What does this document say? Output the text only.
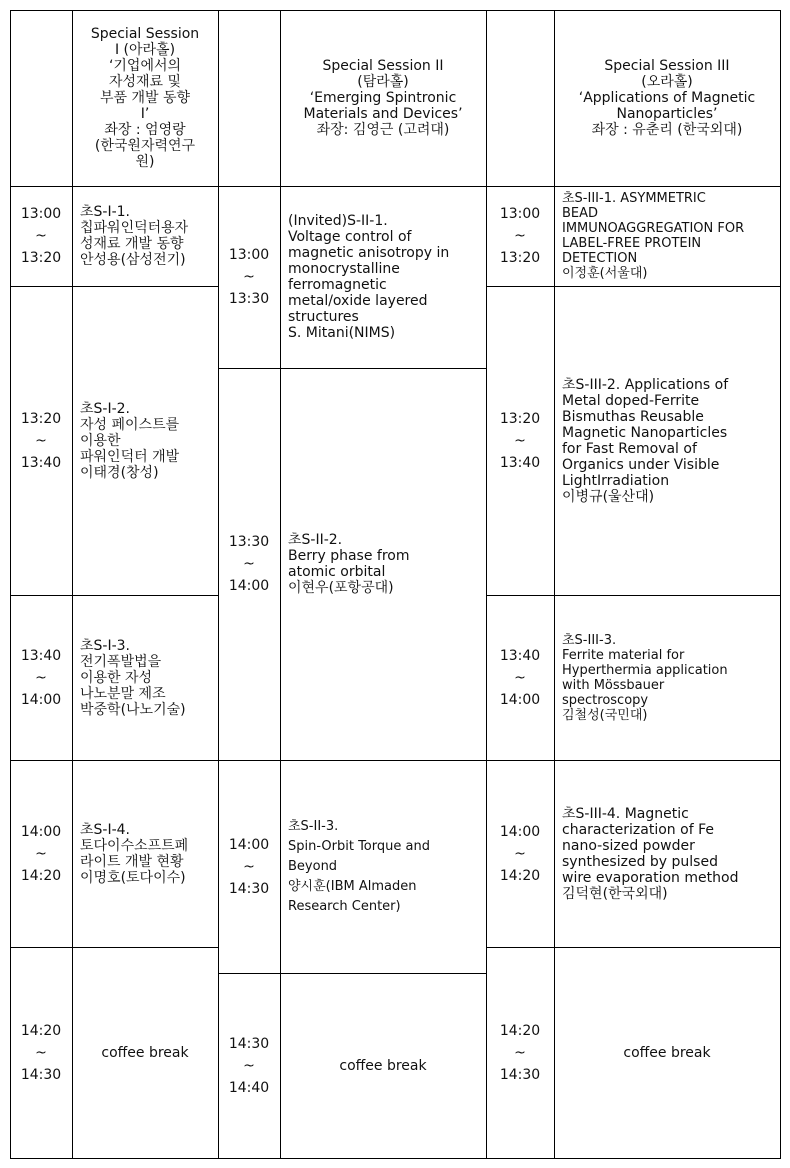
Special Session
I (아라홀)
‘기업에서의
자성재료 및
부품 개발 동향
I’
좌장 : 엄영랑
(한국원자력연구
원)
Special Session II
(탐라홀)
‘Emerging Spintronic
Materials and Devices’
좌장: 김영근 (고려대)
Special Session III
(오라홀)
‘Applications of Magnetic
Nanoparticles’
좌장 : 유춘리 (한국외대)
13:00
~
13:20
13:20
~
13:40
13:40
~
14:00
14:00
~
14:20
14:20
~
14:30
초S-I-1.
칩파워인덕터용자
성재료 개발 동향
안성용(삼성전기)
초S-I-2.
자성 페이스트를
이용한
파워인덕터 개발
이태경(창성)
초S-I-3.
전기폭발법을
이용한 자성
나노분말 제조
박중학(나노기술)
초S-I-4.
토다이수소프트페
라이트 개발 현황
이명호(토다이수)
coffee break
13:00
~
13:30
13:30
~
14:00
14:00
~
14:30
14:30
~
14:40
(Invited)S-II-1.
Voltage control of
magnetic anisotropy in
monocrystalline
ferromagnetic
metal/oxide layered
structures
S. Mitani(NIMS)
초S-II-2.
Berry phase from
atomic orbital
이현우(포항공대)
초S-II-3.
Spin-Orbit Torque and
Beyond
양시훈(IBM Almaden
Research Center)
coffee break
13:00
~
13:20
13:20
~
13:40
13:40
~
14:00
14:00
~
14:20
14:20
~
14:30
초S-III-1. ASYMMETRIC
BEAD
IMMUNOAGGREGATION FOR
LABEL-FREE PROTEIN
DETECTION
이정훈(서울대)
초S-III-2. Applications of
Metal doped-Ferrite
Bismuthas Reusable
Magnetic Nanoparticles
for Fast Removal of
Organics under Visible
LightIrradiation
이병규(울산대)
초S-III-3.
Ferrite material for
Hyperthermia application
with Mössbauer
spectroscopy
김철성(국민대)
초S-III-4. Magnetic
characterization of Fe
nano-sized powder
synthesized by pulsed
wire evaporation method
김덕현(한국외대)
coffee break
